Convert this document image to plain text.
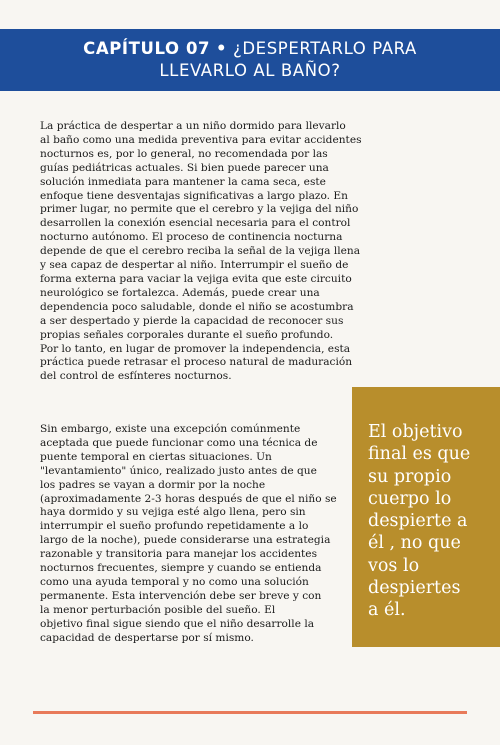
CAPÍTULO 07 • ¿DESPERTARLO PARA
LLEVARLO AL BAÑO?
La práctica de despertar a un niño dormido para llevarlo
al baño como una medida preventiva para evitar accidentes
nocturnos es, por lo general, no recomendada por las
guías pediátricas actuales. Si bien puede parecer una
solución inmediata para mantener la cama seca, este
enfoque tiene desventajas significativas a largo plazo. En
primer lugar, no permite que el cerebro y la vejiga del niño
desarrollen la conexión esencial necesaria para el control
nocturno autónomo. El proceso de continencia nocturna
depende de que el cerebro reciba la señal de la vejiga llena
y sea capaz de despertar al niño. Interrumpir el sueño de
forma externa para vaciar la vejiga evita que este circuito
neurológico se fortalezca. Además, puede crear una
dependencia poco saludable, donde el niño se acostumbra
a ser despertado y pierde la capacidad de reconocer sus
propias señales corporales durante el sueño profundo.
Por lo tanto, en lugar de promover la independencia, esta
práctica puede retrasar el proceso natural de maduración
del control de esfínteres nocturnos.
Sin embargo, existe una excepción comúnmente
aceptada que puede funcionar como una técnica de
puente temporal en ciertas situaciones. Un
"levantamiento" único, realizado justo antes de que
los padres se vayan a dormir por la noche
(aproximadamente 2-3 horas después de que el niño se
haya dormido y su vejiga esté algo llena, pero sin
interrumpir el sueño profundo repetidamente a lo
largo de la noche), puede considerarse una estrategia
razonable y transitoria para manejar los accidentes
nocturnos frecuentes, siempre y cuando se entienda
como una ayuda temporal y no como una solución
permanente. Esta intervención debe ser breve y con
la menor perturbación posible del sueño. El
objetivo final sigue siendo que el niño desarrolle la
capacidad de despertarse por sí mismo.
El objetivo
final es que
su propio
cuerpo lo
despierte a
él , no que
vos lo
despiertes
a él.
